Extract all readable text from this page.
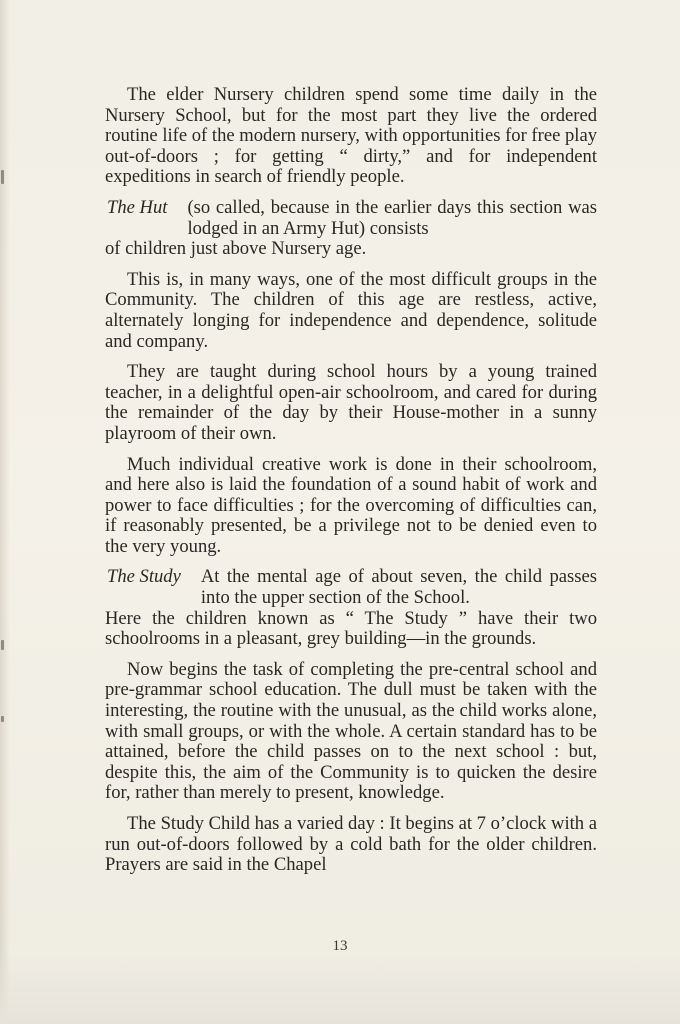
The elder Nursery children spend some time daily in the Nursery School, but for the most part they live the ordered routine life of the modern nursery, with opportunities for free play out-of-doors ; for getting “ dirty,” and for independent expeditions in search of friendly people.

The Hut (so called, because in the earlier days this section was lodged in an Army Hut) consists
of children just above Nursery age.

This is, in many ways, one of the most difficult groups in the Community. The children of this age are restless, active, alternately longing for independence and dependence, solitude and company.

They are taught during school hours by a young trained teacher, in a delightful open-air schoolroom, and cared for during the remainder of the day by their House-mother in a sunny playroom of their own.

Much individual creative work is done in their schoolroom, and here also is laid the foundation of a sound habit of work and power to face difficulties ; for the overcoming of difficulties can, if reasonably presented, be a privilege not to be denied even to the very young.

The Study At the mental age of about seven, the child passes into the upper section of the School.
Here the children known as “ The Study ” have their two schoolrooms in a pleasant, grey building—in the grounds.

Now begins the task of completing the pre-central school and pre-grammar school education. The dull must be taken with the interesting, the routine with the unusual, as the child works alone, with small groups, or with the whole. A certain standard has to be attained, before the child passes on to the next school : but, despite this, the aim of the Community is to quicken the desire for, rather than merely to present, knowledge.

The Study Child has a varied day : It begins at 7 o’clock with a run out-of-doors followed by a cold bath for the older children. Prayers are said in the Chapel

13
